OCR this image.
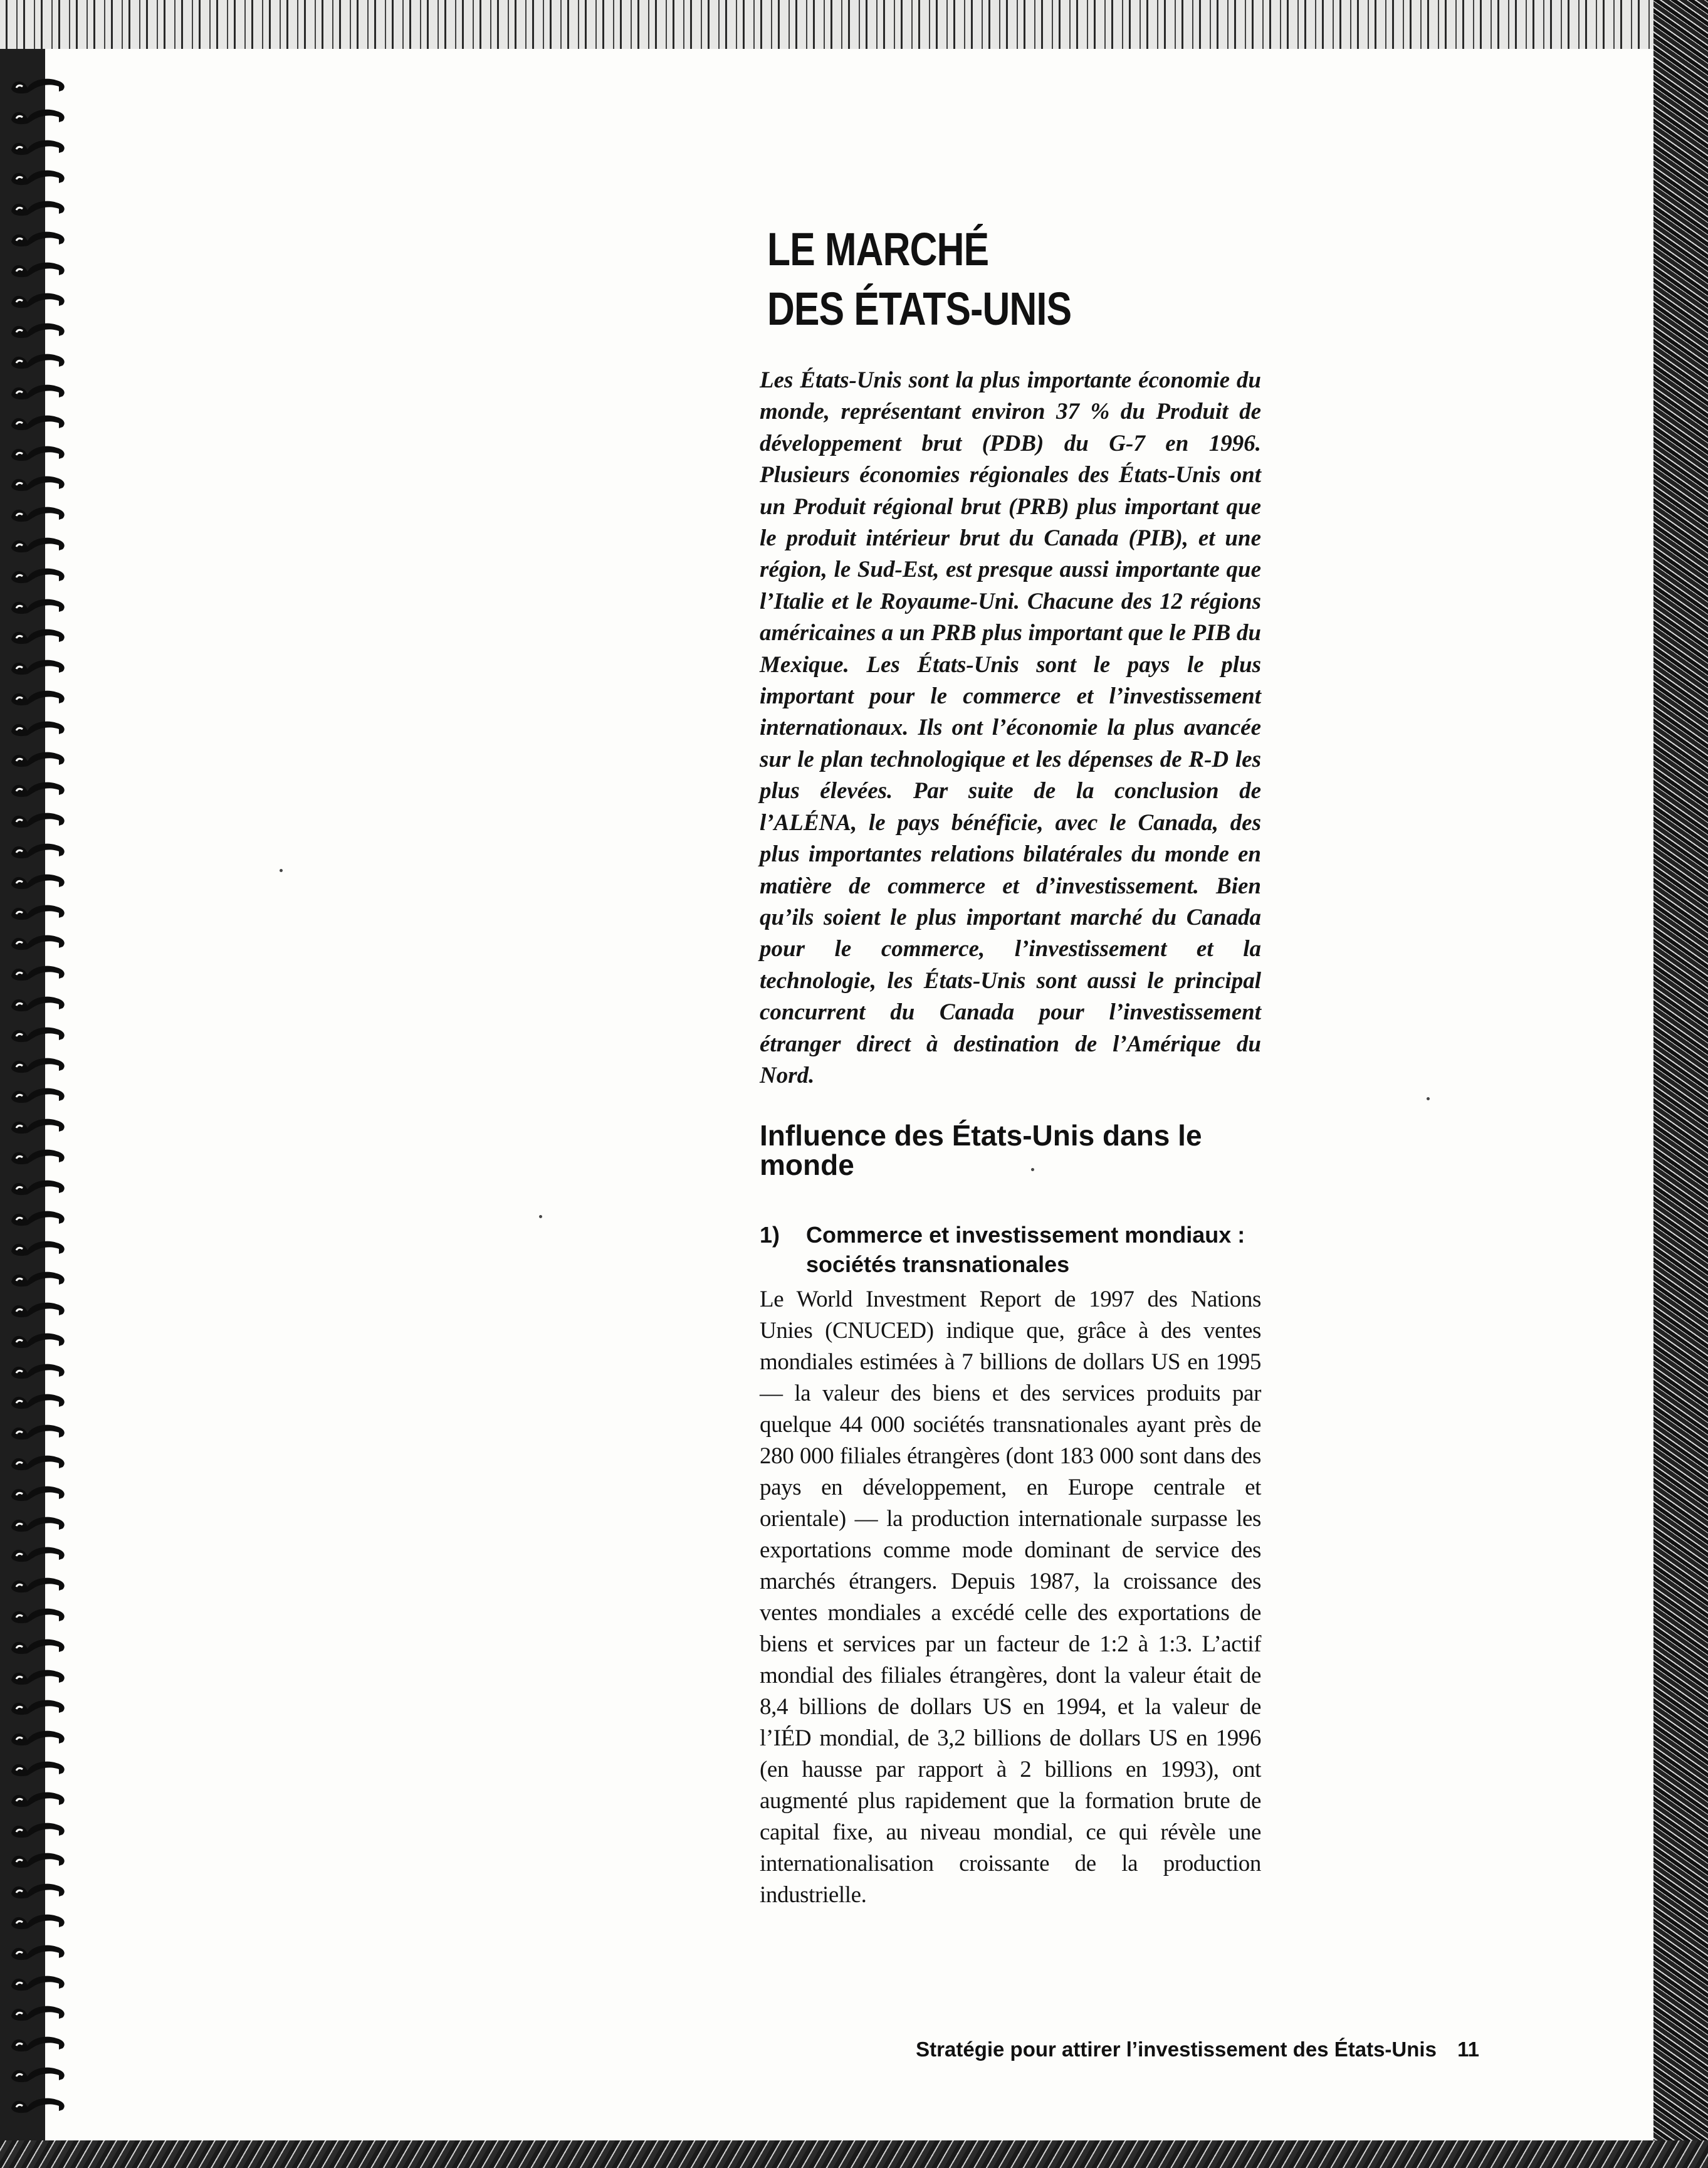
LE MARCHÉ
DES ÉTATS-UNIS

Les États-Unis sont la plus importante économie du monde, représentant environ 37 % du Produit de développement brut (PDB) du G-7 en 1996. Plusieurs économies régionales des États-Unis ont un Produit régional brut (PRB) plus important que le produit intérieur brut du Canada (PIB), et une région, le Sud-Est, est presque aussi importante que l’Italie et le Royaume-Uni. Chacune des 12 régions américaines a un PRB plus important que le PIB du Mexique. Les États-Unis sont le pays le plus important pour le commerce et l’investissement internationaux. Ils ont l’économie la plus avancée sur le plan technologique et les dépenses de R-D les plus élevées. Par suite de la conclusion de l’ALÉNA, le pays bénéficie, avec le Canada, des plus importantes relations bilatérales du monde en matière de commerce et d’investissement. Bien qu’ils soient le plus important marché du Canada pour le commerce, l’investissement et la technologie, les États-Unis sont aussi le principal concurrent du Canada pour l’investissement étranger direct à destination de l’Amérique du Nord.

Influence des États-Unis dans le monde
1)	Commerce et investissement mondiaux : sociétés transnationales

Le World Investment Report de 1997 des Nations Unies (CNUCED) indique que, grâce à des ventes mondiales estimées à 7 billions de dollars US en 1995 — la valeur des biens et des services produits par quelque 44 000 sociétés transnationales ayant près de 280 000 filiales étrangères (dont 183 000 sont dans des pays en développement, en Europe centrale et orientale) — la production internationale surpasse les exportations comme mode dominant de service des marchés étrangers. Depuis 1987, la croissance des ventes mondiales a excédé celle des exportations de biens et services par un facteur de 1:2 à 1:3. L’actif mondial des filiales étrangères, dont la valeur était de 8,4 billions de dollars US en 1994, et la valeur de l’IÉD mondial, de 3,2 billions de dollars US en 1996 (en hausse par rapport à 2 billions en 1993), ont augmenté plus rapidement que la formation brute de capital fixe, au niveau mondial, ce qui révèle une internationalisation croissante de la production industrielle.

Stratégie pour attirer l’investissement des États-Unis 11
